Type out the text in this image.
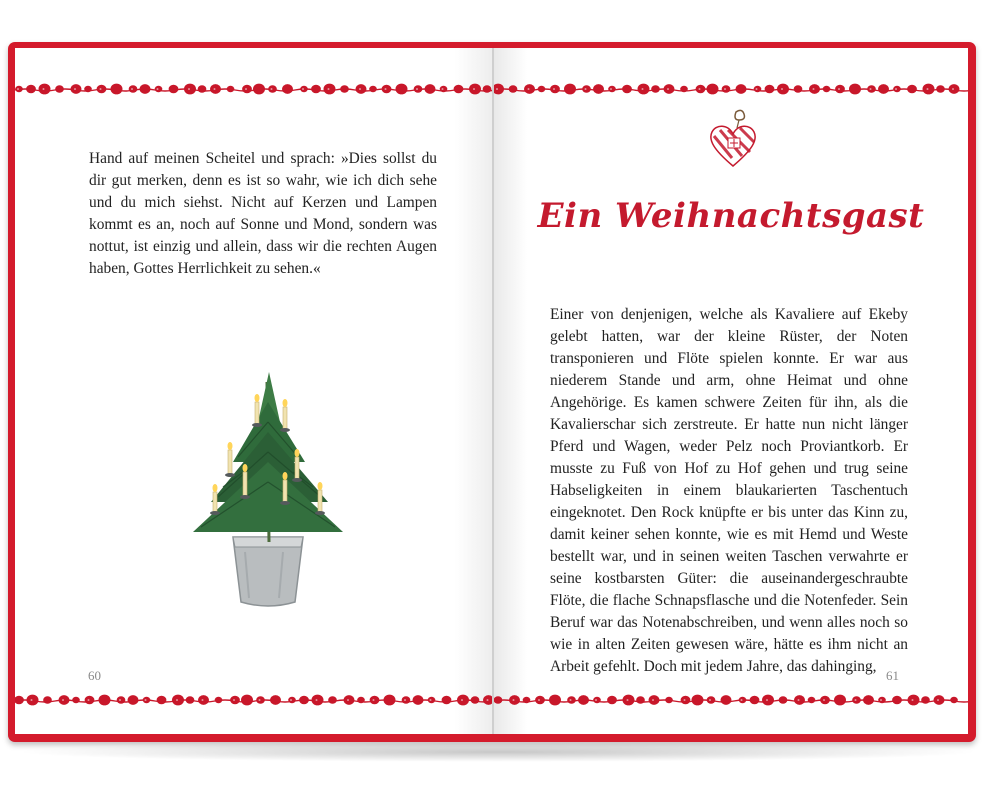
Hand auf meinen Scheitel und sprach: »Dies sollst du dir gut merken, denn es ist so wahr, wie ich dich sehe und du mich siehst. Nicht auf Kerzen und Lampen kommt es an, noch auf Sonne und Mond, sondern was nottut, ist einzig und allein, dass wir die rechten Augen haben, Gottes Herrlichkeit zu sehen.«

60
Ein Weihnachtsgast

Einer von denjenigen, welche als Kavaliere auf Ekeby gelebt hatten, war der kleine Rüster, der Noten transponieren und Flöte spielen konnte. Er war aus niederem Stande und arm, ohne Heimat und ohne Angehörige. Es kamen schwere Zeiten für ihn, als die Kavalierschar sich zerstreute. Er hatte nun nicht länger Pferd und Wagen, weder Pelz noch Proviantkorb. Er musste zu Fuß von Hof zu Hof gehen und trug seine Habseligkeiten in einem blaukarierten Taschentuch eingeknotet. Den Rock knüpfte er bis unter das Kinn zu, damit keiner sehen konnte, wie es mit Hemd und Weste bestellt war, und in seinen weiten Taschen verwahrte er seine kostbarsten Güter: die auseinandergeschraubte Flöte, die flache Schnapsflasche und die Notenfeder. Sein Beruf war das Notenabschreiben, und wenn alles noch so wie in alten Zeiten gewesen wäre, hätte es ihm nicht an Arbeit gefehlt. Doch mit jedem Jahre, das dahinging,

61
